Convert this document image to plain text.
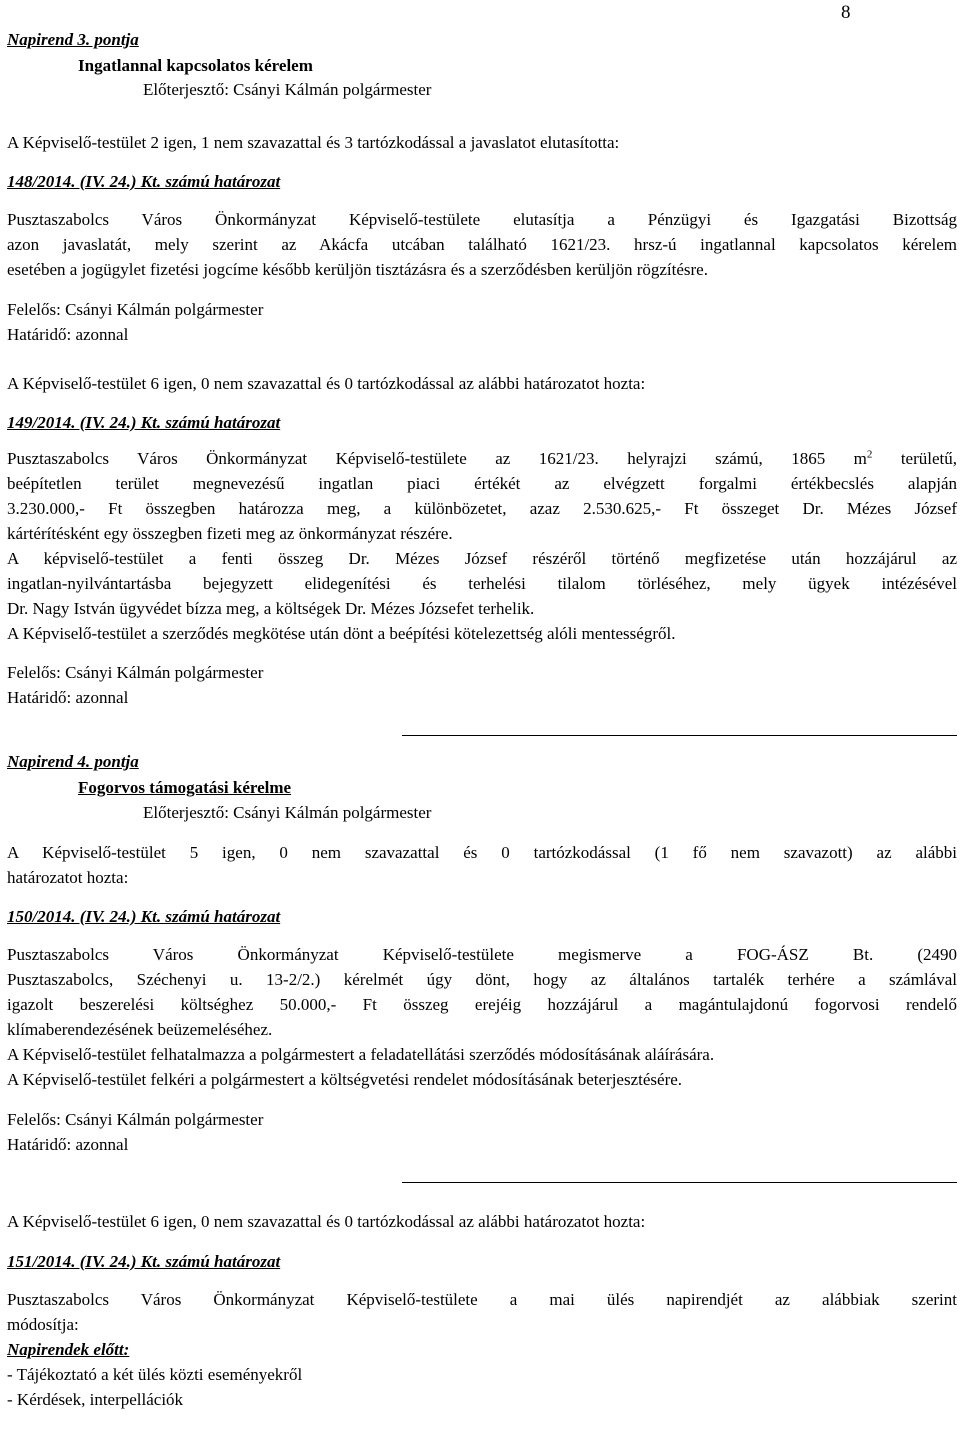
8
Napirend 3. pontja
Ingatlannal kapcsolatos kérelem
Előterjesztő: Csányi Kálmán polgármester
A Képviselő-testület 2 igen, 1 nem szavazattal és 3 tartózkodással a javaslatot elutasította:
148/2014. (IV. 24.) Kt. számú határozat
Pusztaszabolcs Város Önkormányzat Képviselő-testülete elutasítja a Pénzügyi és Igazgatási Bizottság
azon javaslatát, mely szerint az Akácfa utcában található 1621/23. hrsz-ú ingatlannal kapcsolatos kérelem
esetében a jogügylet fizetési jogcíme később kerüljön tisztázásra és a szerződésben kerüljön rögzítésre.
Felelős: Csányi Kálmán polgármester
Határidő: azonnal
A Képviselő-testület 6 igen, 0 nem szavazattal és 0 tartózkodással az alábbi határozatot hozta:
149/2014. (IV. 24.) Kt. számú határozat
Pusztaszabolcs Város Önkormányzat Képviselő-testülete az 1621/23. helyrajzi számú, 1865 $m^2$ területű,
beépítetlen terület megnevezésű ingatlan piaci értékét az elvégzett forgalmi értékbecslés alapján
3.230.000,- Ft összegben határozza meg, a különbözetet, azaz 2.530.625,- Ft összeget Dr. Mézes József
kártérítésként egy összegben fizeti meg az önkormányzat részére.
A képviselő-testület a fenti összeg Dr. Mézes József részéről történő megfizetése után hozzájárul az
ingatlan-nyilvántartásba bejegyzett elidegenítési és terhelési tilalom törléséhez, mely ügyek intézésével
Dr. Nagy István ügyvédet bízza meg, a költségek Dr. Mézes Józsefet terhelik.
A Képviselő-testület a szerződés megkötése után dönt a beépítési kötelezettség alóli mentességről.
Felelős: Csányi Kálmán polgármester
Határidő: azonnal
Napirend 4. pontja
Fogorvos támogatási kérelme
Előterjesztő: Csányi Kálmán polgármester
A Képviselő-testület 5 igen, 0 nem szavazattal és 0 tartózkodással (1 fő nem szavazott) az alábbi
határozatot hozta:
150/2014. (IV. 24.) Kt. számú határozat
Pusztaszabolcs Város Önkormányzat Képviselő-testülete megismerve a FOG-ÁSZ Bt. (2490
Pusztaszabolcs, Széchenyi u. 13-2/2.) kérelmét úgy dönt, hogy az általános tartalék terhére a számlával
igazolt beszerelési költséghez 50.000,- Ft összeg erejéig hozzájárul a magántulajdonú fogorvosi rendelő
klímaberendezésének beüzemeléséhez.
A Képviselő-testület felhatalmazza a polgármestert a feladatellátási szerződés módosításának aláírására.
A Képviselő-testület felkéri a polgármestert a költségvetési rendelet módosításának beterjesztésére.
Felelős: Csányi Kálmán polgármester
Határidő: azonnal
A Képviselő-testület 6 igen, 0 nem szavazattal és 0 tartózkodással az alábbi határozatot hozta:
151/2014. (IV. 24.) Kt. számú határozat
Pusztaszabolcs Város Önkormányzat Képviselő-testülete a mai ülés napirendjét az alábbiak szerint
módosítja:
Napirendek előtt:
- Tájékoztató a két ülés közti eseményekről
- Kérdések, interpellációk
